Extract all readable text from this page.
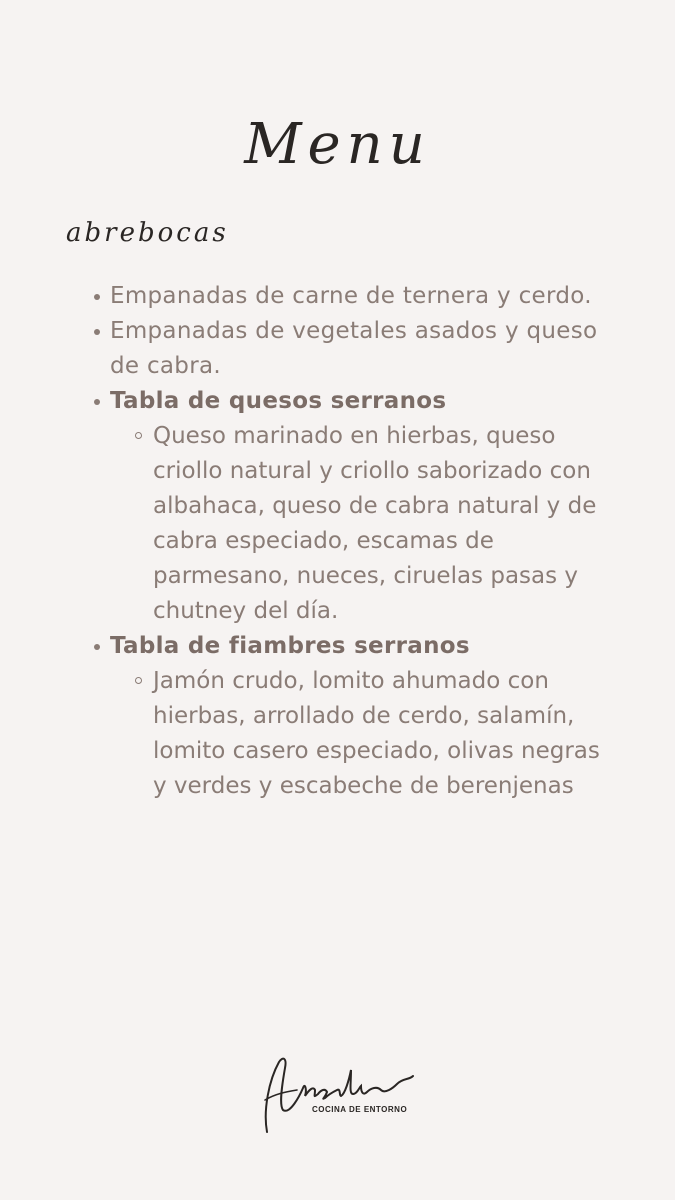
Menu
abrebocas
Empanadas de carne de ternera y cerdo.
Empanadas de vegetales asados y queso de cabra.
Tabla de quesos serranos
Queso marinado en hierbas, queso criollo natural y criollo saborizado con albahaca, queso de cabra natural y de cabra especiado, escamas de parmesano, nueces, ciruelas pasas y chutney del día.
Tabla de fiambres serranos
Jamón crudo, lomito ahumado con hierbas, arrollado de cerdo, salamín, lomito casero especiado, olivas negras y verdes y escabeche de berenjenas
COCINA DE ENTORNO
